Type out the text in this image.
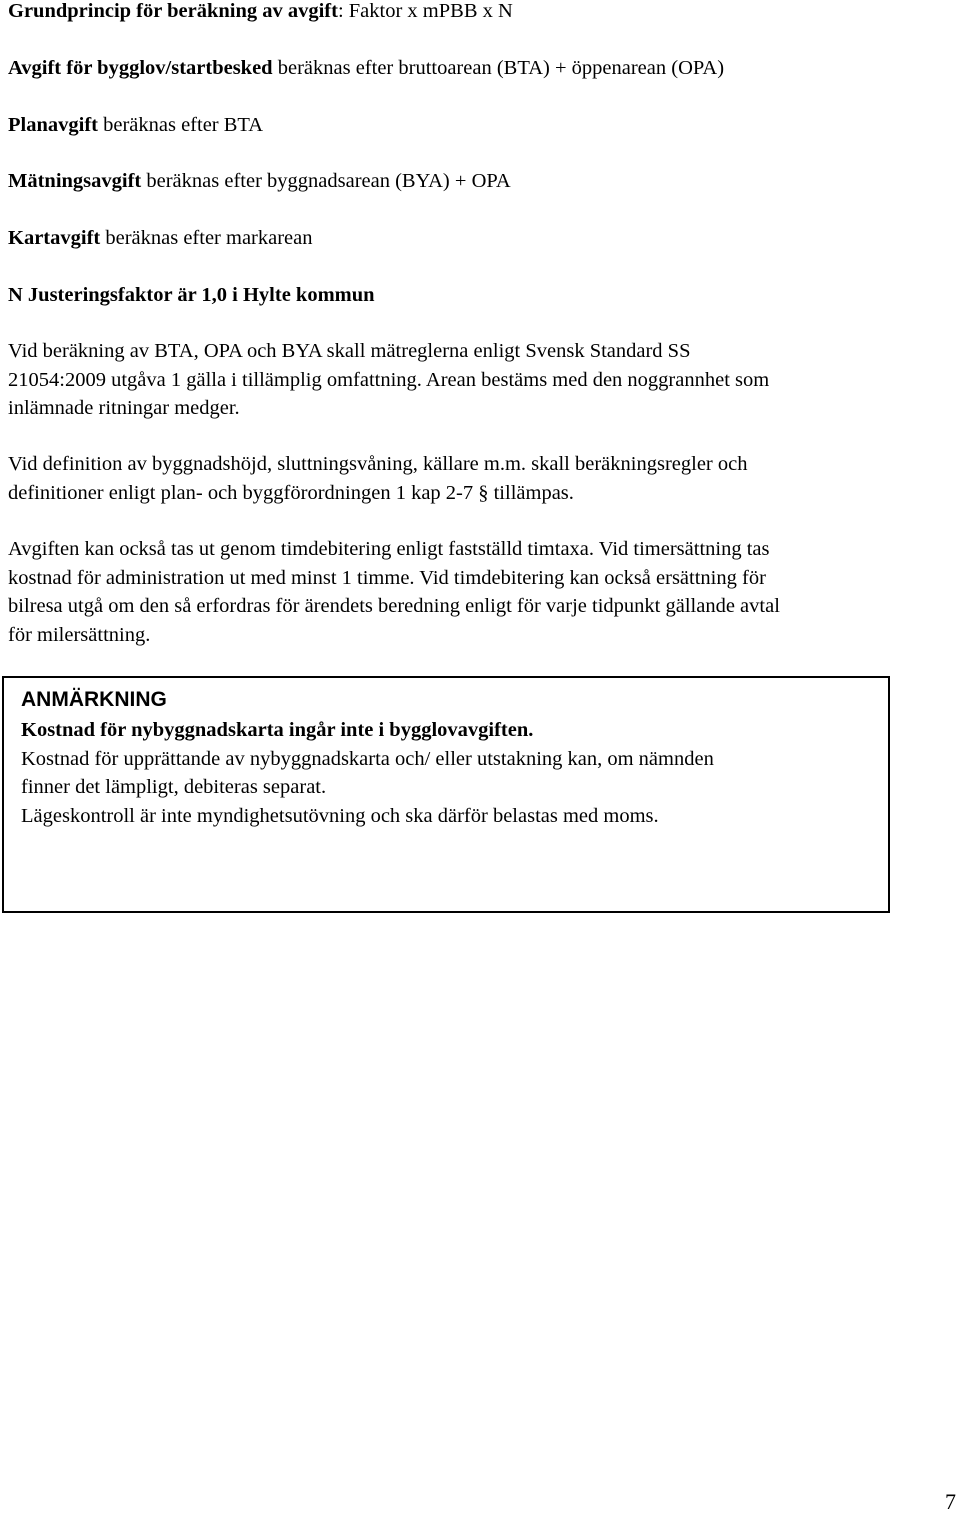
Grundprincip för beräkning av avgift: Faktor x mPBB x N
Avgift för bygglov/startbesked beräknas efter bruttoarean (BTA) + öppenarean (OPA)
Planavgift beräknas efter BTA
Mätningsavgift beräknas efter byggnadsarean (BYA) + OPA
Kartavgift beräknas efter markarean
N Justeringsfaktor är 1,0 i Hylte kommun
Vid beräkning av BTA, OPA och BYA skall mätreglerna enligt Svensk Standard SS
21054:2009 utgåva 1 gälla i tillämplig omfattning. Arean bestäms med den noggrannhet som
inlämnade ritningar medger.
Vid definition av byggnadshöjd, sluttningsvåning, källare m.m. skall beräkningsregler och
definitioner enligt plan- och byggförordningen 1 kap 2-7 § tillämpas.
Avgiften kan också tas ut genom timdebitering enligt fastställd timtaxa. Vid timersättning tas
kostnad för administration ut med minst 1 timme. Vid timdebitering kan också ersättning för
bilresa utgå om den så erfordras för ärendets beredning enligt för varje tidpunkt gällande avtal
för milersättning.
ANMÄRKNING
Kostnad för nybyggnadskarta ingår inte i bygglovavgiften.
Kostnad för upprättande av nybyggnadskarta och/ eller utstakning kan, om nämnden
finner det lämpligt, debiteras separat.
Lägeskontroll är inte myndighetsutövning och ska därför belastas med moms.
7
